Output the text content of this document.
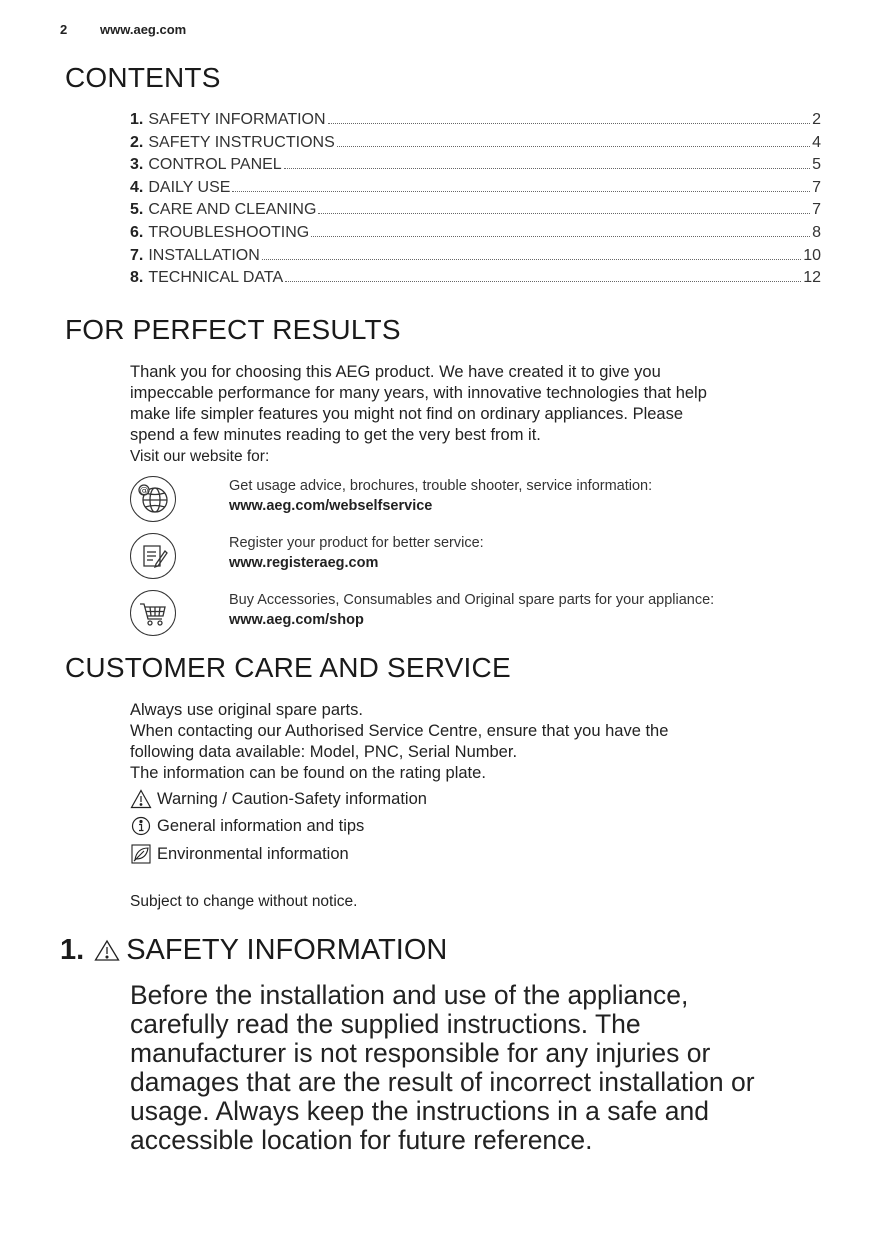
2	www.aeg.com
CONTENTS
1. SAFETY INFORMATION	2
2. SAFETY INSTRUCTIONS	4
3. CONTROL PANEL	5
4. DAILY USE	7
5. CARE AND CLEANING	7
6. TROUBLESHOOTING	8
7. INSTALLATION	10
8. TECHNICAL DATA	12
FOR PERFECT RESULTS

Thank you for choosing this AEG product. We have created it to give you

impeccable performance for many years, with innovative technologies that help

make life simpler features you might not find on ordinary appliances. Please

spend a few minutes reading to get the very best from it.

Visit our website for:

@	Get usage advice, brochures, trouble shooter, service information:
www.aeg.com/webselfservice
Register your product for better service:
www.registeraeg.com
Buy Accessories, Consumables and Original spare parts for your appliance:
www.aeg.com/shop
CUSTOMER CARE AND SERVICE

Always use original spare parts.

When contacting our Authorised Service Centre, ensure that you have the

following data available: Model, PNC, Serial Number.

The information can be found on the rating plate.

Warning / Caution-Safety information
General information and tips
Environmental information
Subject to change without notice.
1. SAFETY INFORMATION
Before the installation and use of the appliance,
carefully read the supplied instructions. The
manufacturer is not responsible for any injuries or
damages that are the result of incorrect installation or
usage. Always keep the instructions in a safe and
accessible location for future reference.
